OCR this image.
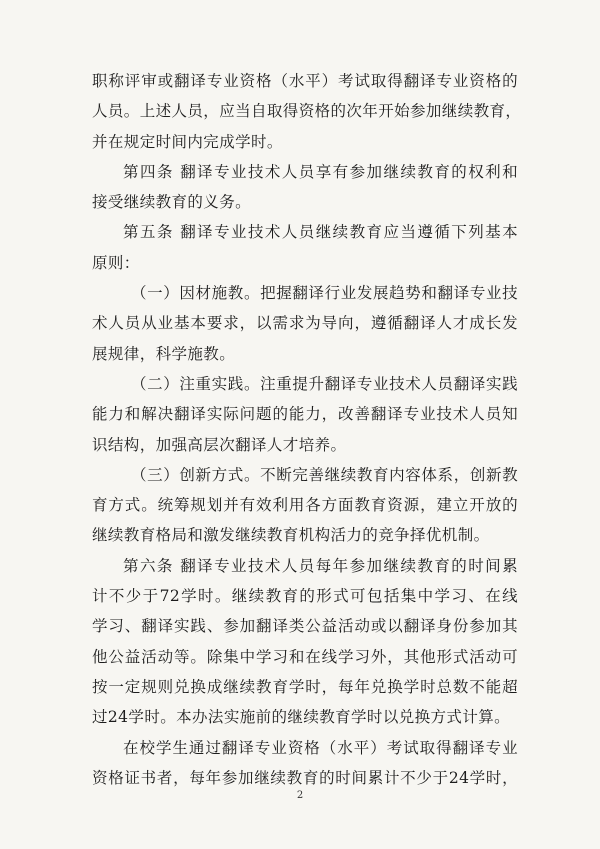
职称评审或翻译专业资格（水平）考试取得翻译专业资格的
人员。上述人员，应当自取得资格的次年开始参加继续教育，
并在规定时间内完成学时。

第四条 翻译专业技术人员享有参加继续教育的权利和
接受继续教育的义务。

第五条 翻译专业技术人员继续教育应当遵循下列基本
原则：

（一）因材施教。把握翻译行业发展趋势和翻译专业技
术人员从业基本要求，以需求为导向，遵循翻译人才成长发
展规律，科学施教。

（二）注重实践。注重提升翻译专业技术人员翻译实践
能力和解决翻译实际问题的能力，改善翻译专业技术人员知
识结构，加强高层次翻译人才培养。

（三）创新方式。不断完善继续教育内容体系，创新教
育方式。统筹规划并有效利用各方面教育资源，建立开放的
继续教育格局和激发继续教育机构活力的竞争择优机制。

第六条 翻译专业技术人员每年参加继续教育的时间累
计不少于72学时。继续教育的形式可包括集中学习、在线
学习、翻译实践、参加翻译类公益活动或以翻译身份参加其
他公益活动等。除集中学习和在线学习外，其他形式活动可
按一定规则兑换成继续教育学时，每年兑换学时总数不能超
过24学时。本办法实施前的继续教育学时以兑换方式计算。

在校学生通过翻译专业资格（水平）考试取得翻译专业
资格证书者，每年参加继续教育的时间累计不少于24学时，

2
